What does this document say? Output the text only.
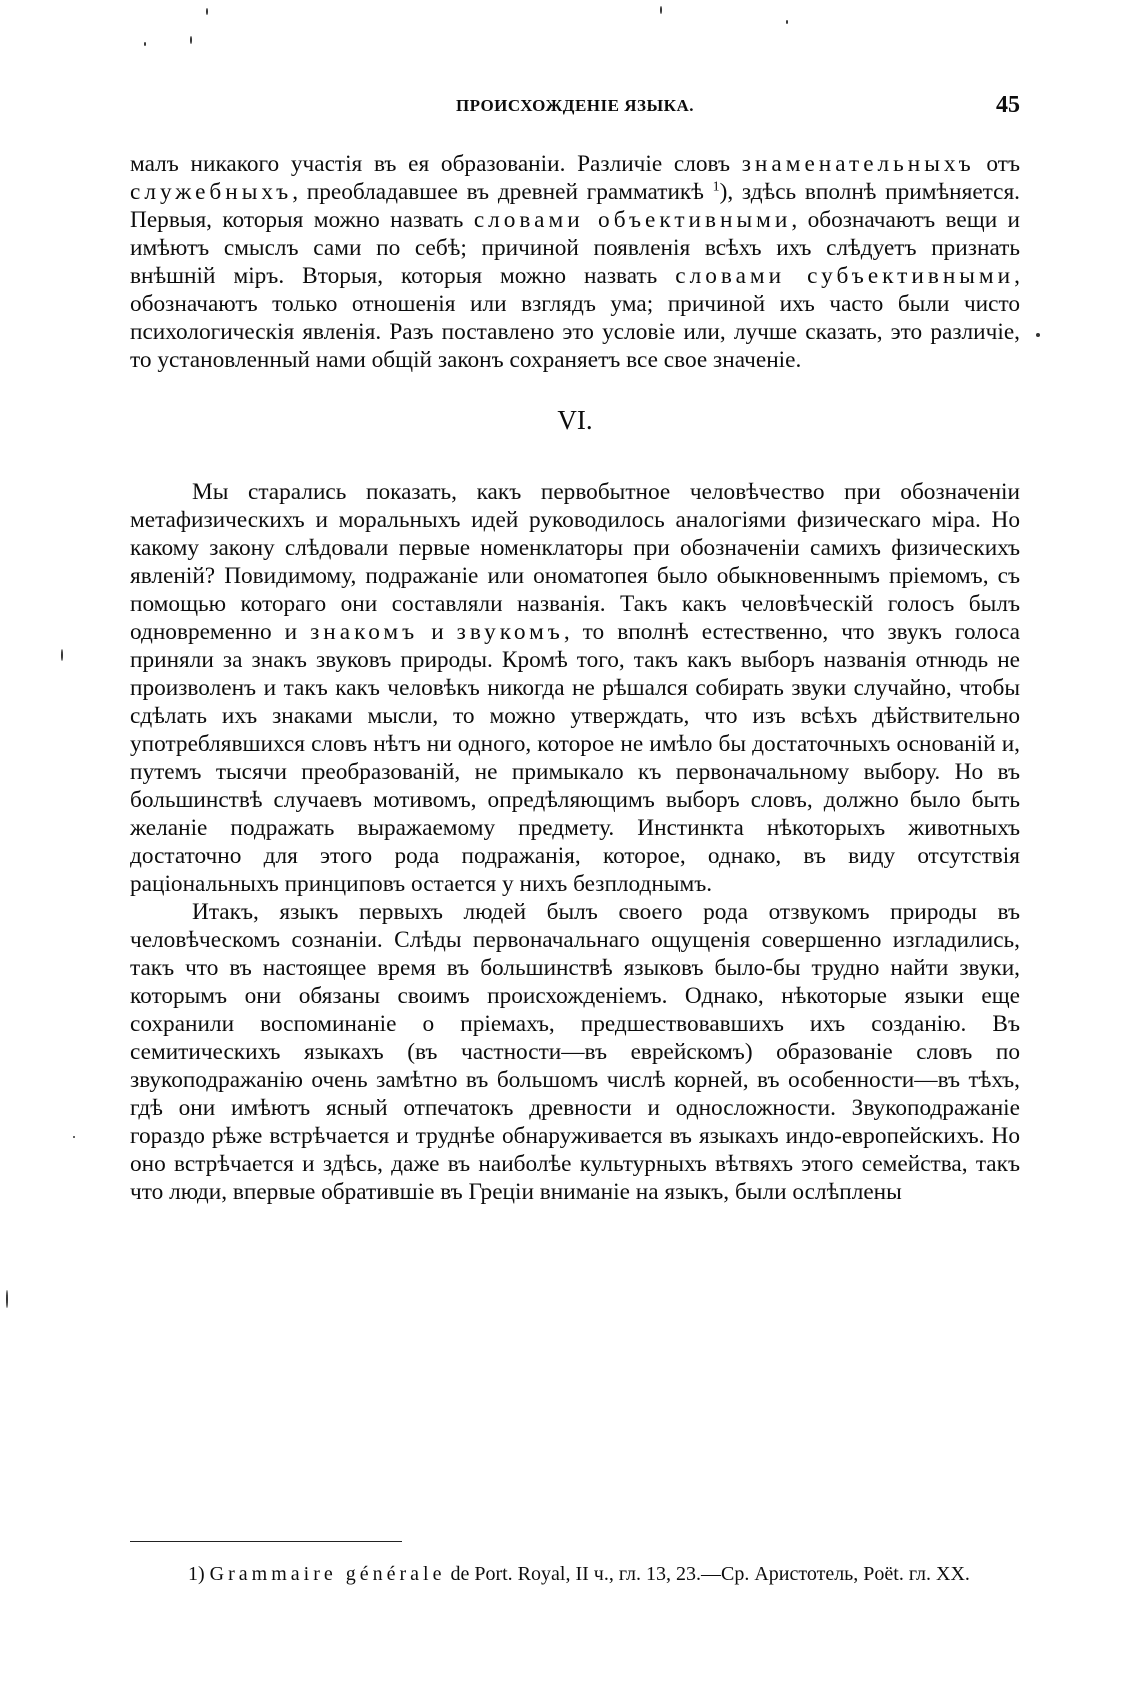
ПРОИСХОЖДЕНІЕ ЯЗЫКА.	45

малъ никакого участія въ ея образованіи. Различіе словъ знаменательныхъ отъ служебныхъ, преобладавшее въ древней грамматикѣ $^1$), здѣсь вполнѣ примѣняется. Первыя, которыя можно назвать словами объективными, обозначаютъ вещи и имѣютъ смыслъ сами по себѣ; причиной появленія всѣхъ ихъ слѣдуетъ признать внѣшній міръ. Вторыя, которыя можно назвать словами субъективными, обозначаютъ только отношенія или взглядъ ума; причиной ихъ часто были чисто психологическія явленія. Разъ поставлено это условіе или, лучше сказать, это различіе, то установленный нами общій законъ сохраняетъ все свое значеніе.

VI.

Мы старались показать, какъ первобытное человѣчество при обозначеніи метафизическихъ и моральныхъ идей руководилось аналогіями физическаго міра. Но какому закону слѣдовали первые номенклаторы при обозначеніи самихъ физическихъ явленій? Повидимому, подражаніе или ономатопея было обыкновеннымъ пріемомъ, съ помощью котораго они составляли названія. Такъ какъ человѣческій голосъ былъ одновременно и знакомъ и звукомъ, то вполнѣ естественно, что звукъ голоса приняли за знакъ звуковъ природы. Кромѣ того, такъ какъ выборъ названія отнюдь не произволенъ и такъ какъ человѣкъ никогда не рѣшался собирать звуки случайно, чтобы сдѣлать ихъ знаками мысли, то можно утверждать, что изъ всѣхъ дѣйствительно употреблявшихся словъ нѣтъ ни одного, которое не имѣло бы достаточныхъ основаній и, путемъ тысячи преобразованій, не примыкало къ первоначальному выбору. Но въ большинствѣ случаевъ мотивомъ, опредѣляющимъ выборъ словъ, должно было быть желаніе подражать выражаемому предмету. Инстинкта нѣкоторыхъ животныхъ достаточно для этого рода подражанія, которое, однако, въ виду отсутствія раціональныхъ принциповъ остается у нихъ безплоднымъ.

Итакъ, языкъ первыхъ людей былъ своего рода отзвукомъ природы въ человѣческомъ сознаніи. Слѣды первоначальнаго ощущенія совершенно изгладились, такъ что въ настоящее время въ большинствѣ языковъ было-бы трудно найти звуки, которымъ они обязаны своимъ происхожденіемъ. Однако, нѣкоторые языки еще сохранили воспоминаніе о пріемахъ, предшествовавшихъ ихъ созданію. Въ семитическихъ языкахъ (въ частности—въ еврейскомъ) образованіе словъ по звукоподражанію очень замѣтно въ большомъ числѣ корней, въ особенности—въ тѣхъ, гдѣ они имѣютъ ясный отпечатокъ древности и односложности. Звукоподражаніе гораздо рѣже встрѣчается и труднѣе обнаруживается въ языкахъ индо-европейскихъ. Но оно встрѣчается и здѣсь, даже въ наиболѣе культурныхъ вѣтвяхъ этого семейства, такъ что люди, впервые обратившіе въ Греціи вниманіе на языкъ, были ослѣплены

1) Grammaire générale de Port. Royal, II ч., гл. 13, 23.—Ср. Аристотель, Poët. гл. XX.
